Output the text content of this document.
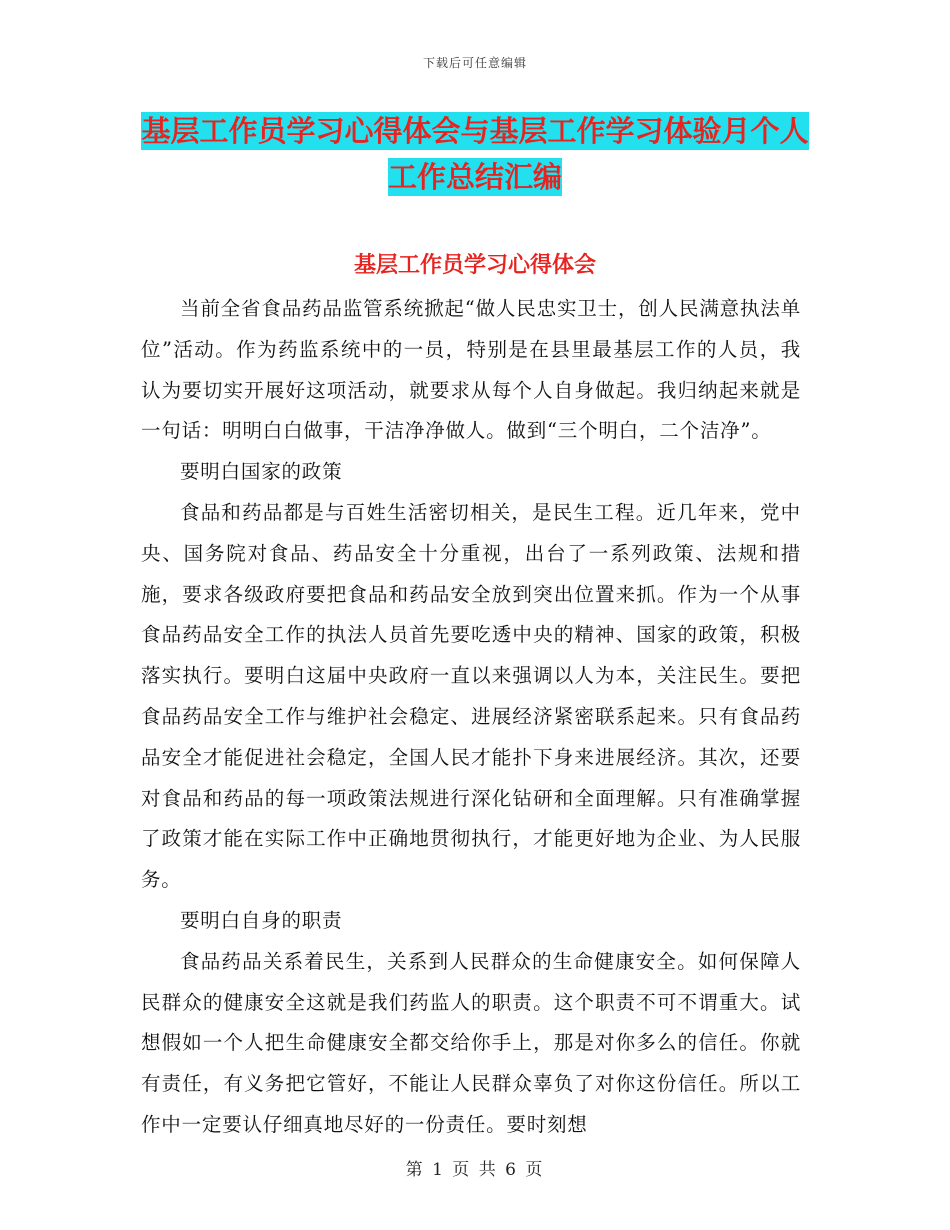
下载后可任意编辑
基层工作员学习心得体会与基层工作学习体验月个人
工作总结汇编
基层工作员学习心得体会

当前全省食品药品监管系统掀起“做人民忠实卫士，创人民满意执法单位”活动。作为药监系统中的一员，特别是在县里最基层工作的人员，我认为要切实开展好这项活动，就要求从每个人自身做起。我归纳起来就是一句话：明明白白做事，干洁净净做人。做到“三个明白，二个洁净”。

要明白国家的政策

食品和药品都是与百姓生活密切相关，是民生工程。近几年来，党中央、国务院对食品、药品安全十分重视，出台了一系列政策、法规和措施，要求各级政府要把食品和药品安全放到突出位置来抓。作为一个从事食品药品安全工作的执法人员首先要吃透中央的精神、国家的政策，积极落实执行。要明白这届中央政府一直以来强调以人为本，关注民生。要把食品药品安全工作与维护社会稳定、进展经济紧密联系起来。只有食品药品安全才能促进社会稳定，全国人民才能扑下身来进展经济。其次，还要对食品和药品的每一项政策法规进行深化钻研和全面理解。只有准确掌握了政策才能在实际工作中正确地贯彻执行，才能更好地为企业、为人民服务。

要明白自身的职责

食品药品关系着民生，关系到人民群众的生命健康安全。如何保障人民群众的健康安全这就是我们药监人的职责。这个职责不可不谓重大。试想假如一个人把生命健康安全都交给你手上，那是对你多么的信任。你就有责任，有义务把它管好，不能让人民群众辜负了对你这份信任。所以工作中一定要认仔细真地尽好的一份责任。要时刻想

第 1 页 共 6 页
